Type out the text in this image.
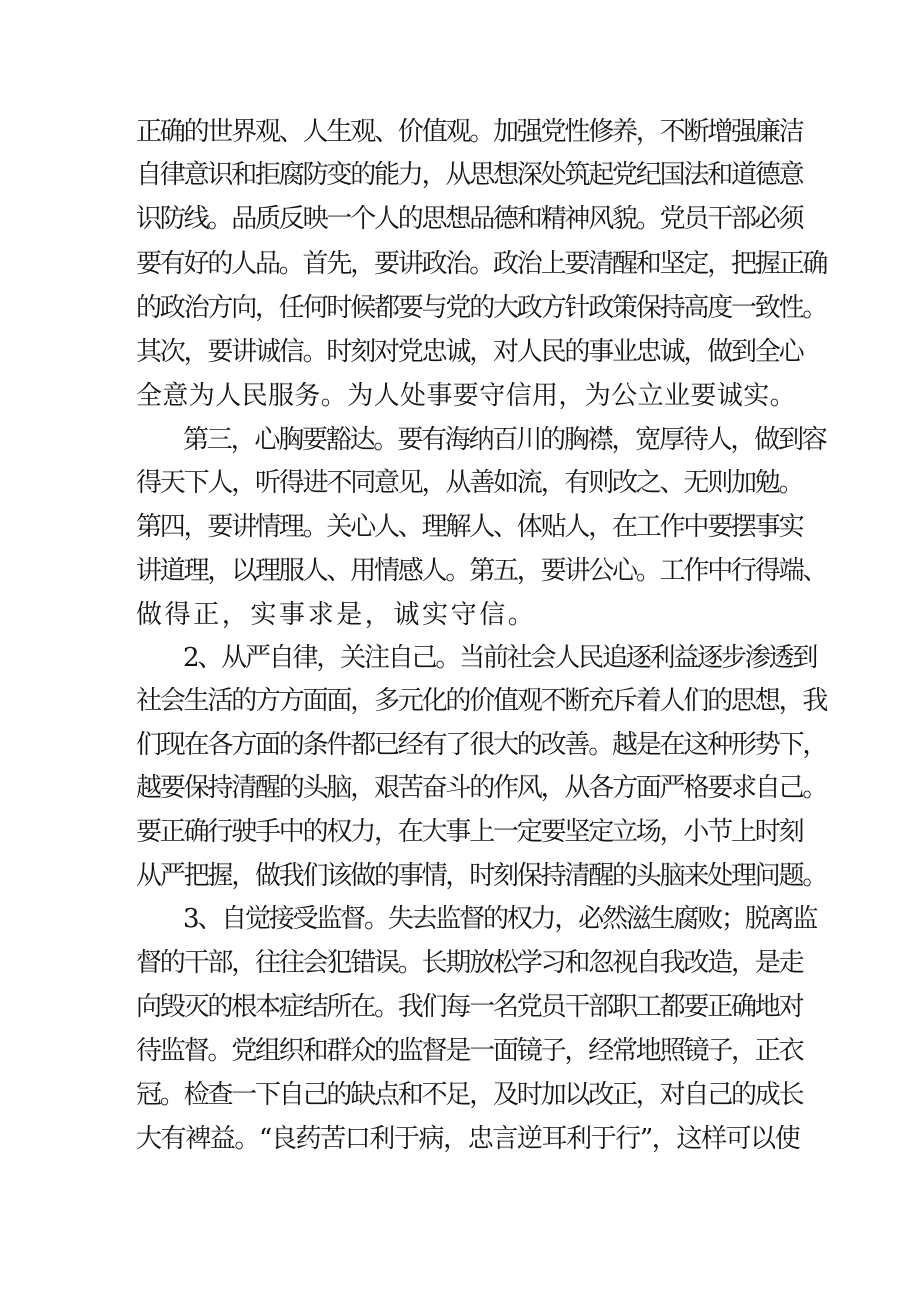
正确的世界观、人生观、价值观。加强党性修养，不断增强廉洁
自律意识和拒腐防变的能力，从思想深处筑起党纪国法和道德意
识防线。品质反映一个人的思想品德和精神风貌。党员干部必须
要有好的人品。首先，要讲政治。政治上要清醒和坚定，把握正确
的政治方向，任何时候都要与党的大政方针政策保持高度一致性。
其次，要讲诚信。时刻对党忠诚，对人民的事业忠诚，做到全心
全意为人民服务。为人处事要守信用，为公立业要诚实。
第三，心胸要豁达。要有海纳百川的胸襟，宽厚待人，做到容
得天下人，听得进不同意见，从善如流，有则改之、无则加勉。
第四，要讲情理。关心人、理解人、体贴人，在工作中要摆事实
讲道理，以理服人、用情感人。第五，要讲公心。工作中行得端、
做得正，实事求是，诚实守信。
2、从严自律，关注自己。当前社会人民追逐利益逐步渗透到
社会生活的方方面面，多元化的价值观不断充斥着人们的思想，我
们现在各方面的条件都已经有了很大的改善。越是在这种形势下，
越要保持清醒的头脑，艰苦奋斗的作风，从各方面严格要求自己。
要正确行驶手中的权力，在大事上一定要坚定立场，小节上时刻
从严把握，做我们该做的事情，时刻保持清醒的头脑来处理问题。
3、自觉接受监督。失去监督的权力，必然滋生腐败；脱离监
督的干部，往往会犯错误。长期放松学习和忽视自我改造，是走
向毁灭的根本症结所在。我们每一名党员干部职工都要正确地对
待监督。党组织和群众的监督是一面镜子，经常地照镜子，正衣
冠。检查一下自己的缺点和不足，及时加以改正，对自己的成长
大有裨益。“良药苦口利于病，忠言逆耳利于行”，这样可以使
